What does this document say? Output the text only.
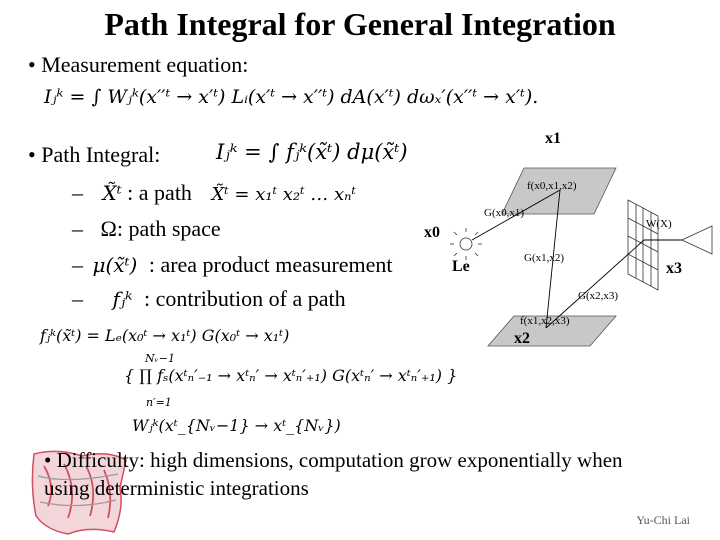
Path Integral for General Integration
• Measurement equation:
Iⱼᵏ = ∫ Wⱼᵏ(x′′ᵗ → x′ᵗ) Lᵢ(x′ᵗ → x′′ᵗ) dA(x′ᵗ) dωₓ′(x′′ᵗ → x′ᵗ).
• Path Integral:	Iⱼᵏ = ∫ fⱼᵏ(x̃ᵗ) dμ(x̃ᵗ)
– X̃ᵗ : a path X̃ᵗ = x₁ᵗ x₂ᵗ … xₙᵗ
– Ω: path space
– μ(x̃ᵗ) : area product measurement
– fⱼᵏ : contribution of a path
fⱼᵏ(x̃ᵗ) = Lₑ(x₀ᵗ → x₁ᵗ) G(x₀ᵗ → x₁ᵗ)
Nᵥ−1
{ ∏ fₛ(xᵗₙ′₋₁ → xᵗₙ′ → xᵗₙ′₊₁) G(xᵗₙ′ → xᵗₙ′₊₁) }
n′=1
Wⱼᵏ(xᵗ_{Nᵥ−1} → xᵗ_{Nᵥ})
x1
x0
x2
x3
Le
f(x0,x1,x2)
G(x0,x1)
G(x1,x2)
G(x2,x3)
f(x1,x2,x3)
W(X)
• Difficulty: high dimensions, computation grow exponentially when using deterministic integrations
Yu-Chi Lai
